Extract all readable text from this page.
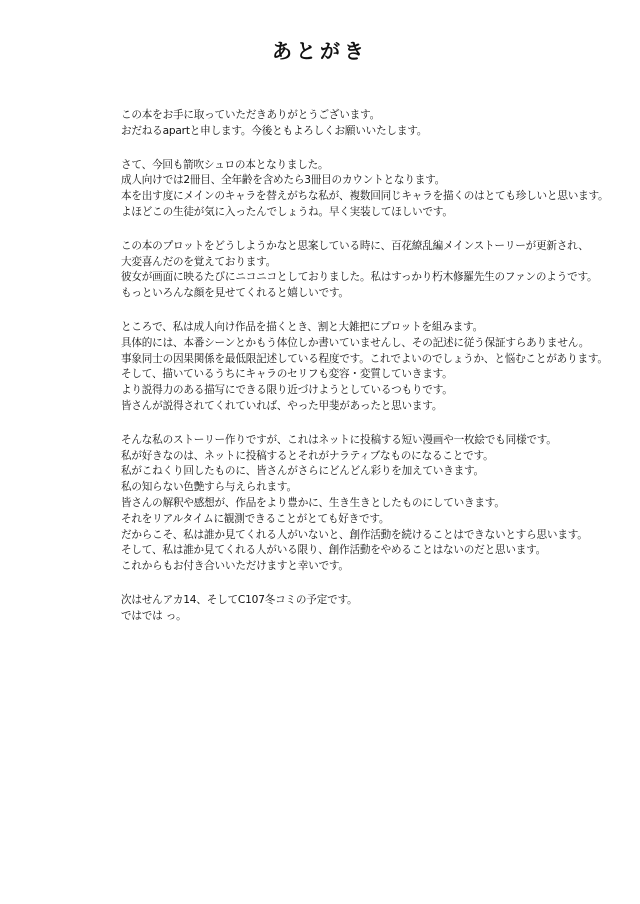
あとがき
この本をお手に取っていただきありがとうございます。
おだねるapartと申します。今後ともよろしくお願いいたします。
さて、今回も箭吹シュロの本となりました。
成人向けでは2冊目、全年齢を含めたら3冊目のカウントとなります。
本を出す度にメインのキャラを替えがちな私が、複数回同じキャラを描くのはとても珍しいと思います。
よほどこの生徒が気に入ったんでしょうね。早く実装してほしいです。
この本のプロットをどうしようかなと思案している時に、百花繚乱編メインストーリーが更新され、
大変喜んだのを覚えております。
彼女が画面に映るたびにニコニコとしておりました。私はすっかり朽木修羅先生のファンのようです。
もっといろんな顔を見せてくれると嬉しいです。
ところで、私は成人向け作品を描くとき、割と大雑把にプロットを組みます。
具体的には、本番シーンとかもう体位しか書いていませんし、その記述に従う保証すらありません。
事象同士の因果関係を最低限記述している程度です。これでよいのでしょうか、と悩むことがあります。
そして、描いているうちにキャラのセリフも変容・変質していきます。
より説得力のある描写にできる限り近づけようとしているつもりです。
皆さんが説得されてくれていれば、やった甲斐があったと思います。
そんな私のストーリー作りですが、これはネットに投稿する短い漫画や一枚絵でも同様です。
私が好きなのは、ネットに投稿するとそれがナラティブなものになることです。
私がこねくり回したものに、皆さんがさらにどんどん彩りを加えていきます。
私の知らない色艶すら与えられます。
皆さんの解釈や感想が、作品をより豊かに、生き生きとしたものにしていきます。
それをリアルタイムに観測できることがとても好きです。
だからこそ、私は誰か見てくれる人がいないと、創作活動を続けることはできないとすら思います。
そして、私は誰か見てくれる人がいる限り、創作活動をやめることはないのだと思います。
これからもお付き合いいただけますと幸いです。
次はせんアカ14、そしてC107冬コミの予定です。
ではでは っ。
